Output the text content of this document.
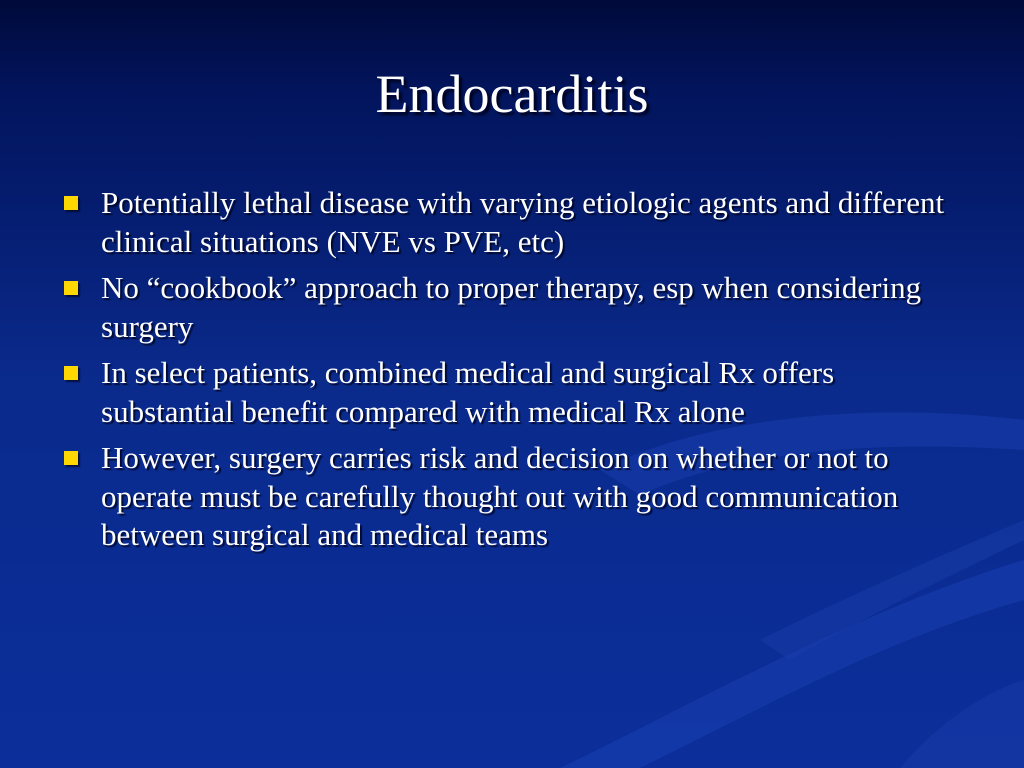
Endocarditis
Potentially lethal disease with varying etiologic agents and different clinical situations (NVE vs PVE, etc)
No “cookbook” approach to proper therapy, esp when considering surgery
In select patients, combined medical and surgical Rx offers substantial benefit compared with medical Rx alone
However, surgery carries risk and decision on whether or not to operate must be carefully thought out with good communication between surgical and medical teams
